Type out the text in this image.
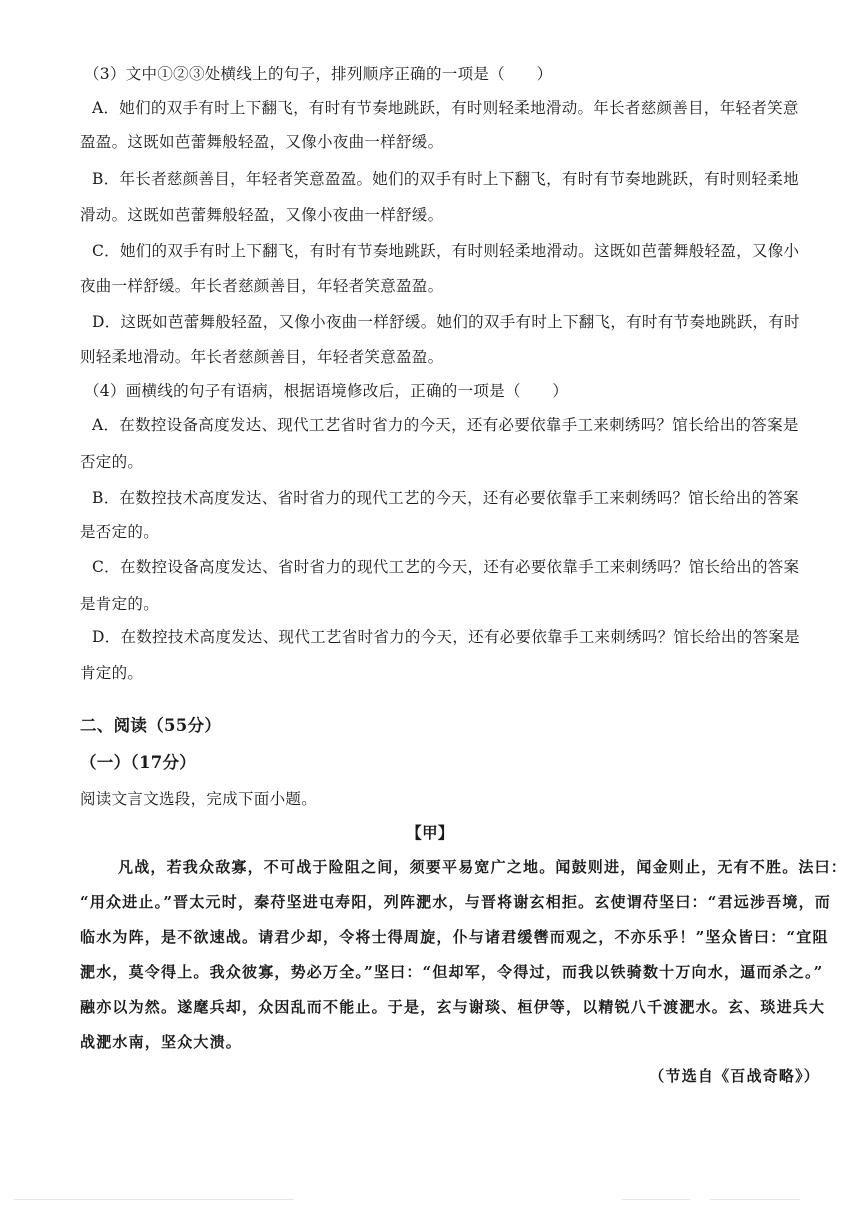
（3）文中①②③处横线上的句子，排列顺序正确的一项是（　　）
A．她们的双手有时上下翻飞，有时有节奏地跳跃，有时则轻柔地滑动。年长者慈颜善目，年轻者笑意
盈盈。这既如芭蕾舞般轻盈，又像小夜曲一样舒缓。
B．年长者慈颜善目，年轻者笑意盈盈。她们的双手有时上下翻飞，有时有节奏地跳跃，有时则轻柔地
滑动。这既如芭蕾舞般轻盈，又像小夜曲一样舒缓。
C．她们的双手有时上下翻飞，有时有节奏地跳跃，有时则轻柔地滑动。这既如芭蕾舞般轻盈，又像小
夜曲一样舒缓。年长者慈颜善目，年轻者笑意盈盈。
D．这既如芭蕾舞般轻盈，又像小夜曲一样舒缓。她们的双手有时上下翻飞，有时有节奏地跳跃，有时
则轻柔地滑动。年长者慈颜善目，年轻者笑意盈盈。
（4）画横线的句子有语病，根据语境修改后，正确的一项是（　　）
A．在数控设备高度发达、现代工艺省时省力的今天，还有必要依靠手工来刺绣吗？馆长给出的答案是
否定的。
B．在数控技术高度发达、省时省力的现代工艺的今天，还有必要依靠手工来刺绣吗？馆长给出的答案
是否定的。
C．在数控设备高度发达、省时省力的现代工艺的今天，还有必要依靠手工来刺绣吗？馆长给出的答案
是肯定的。
D．在数控技术高度发达、现代工艺省时省力的今天，还有必要依靠手工来刺绣吗？馆长给出的答案是
肯定的。
二、阅读（55分）
（一）（17分）
阅读文言文选段，完成下面小题。
【甲】
凡战，若我众敌寡，不可战于险阻之间，须要平易宽广之地。闻鼓则进，闻金则止，无有不胜。法曰：
“用众进止。”晋太元时，秦苻坚进屯寿阳，列阵淝水，与晋将谢玄相拒。玄使谓苻坚曰：“君远涉吾境，而
临水为阵，是不欲速战。请君少却，令将士得周旋，仆与诸君缓辔而观之，不亦乐乎！”坚众皆曰：“宜阻
淝水，莫令得上。我众彼寡，势必万全。”坚曰：“但却军，令得过，而我以铁骑数十万向水，逼而杀之。”
融亦以为然。遂麾兵却，众因乱而不能止。于是，玄与谢琰、桓伊等，以精锐八千渡淝水。玄、琰进兵大
战淝水南，坚众大溃。
（节选自《百战奇略》）
